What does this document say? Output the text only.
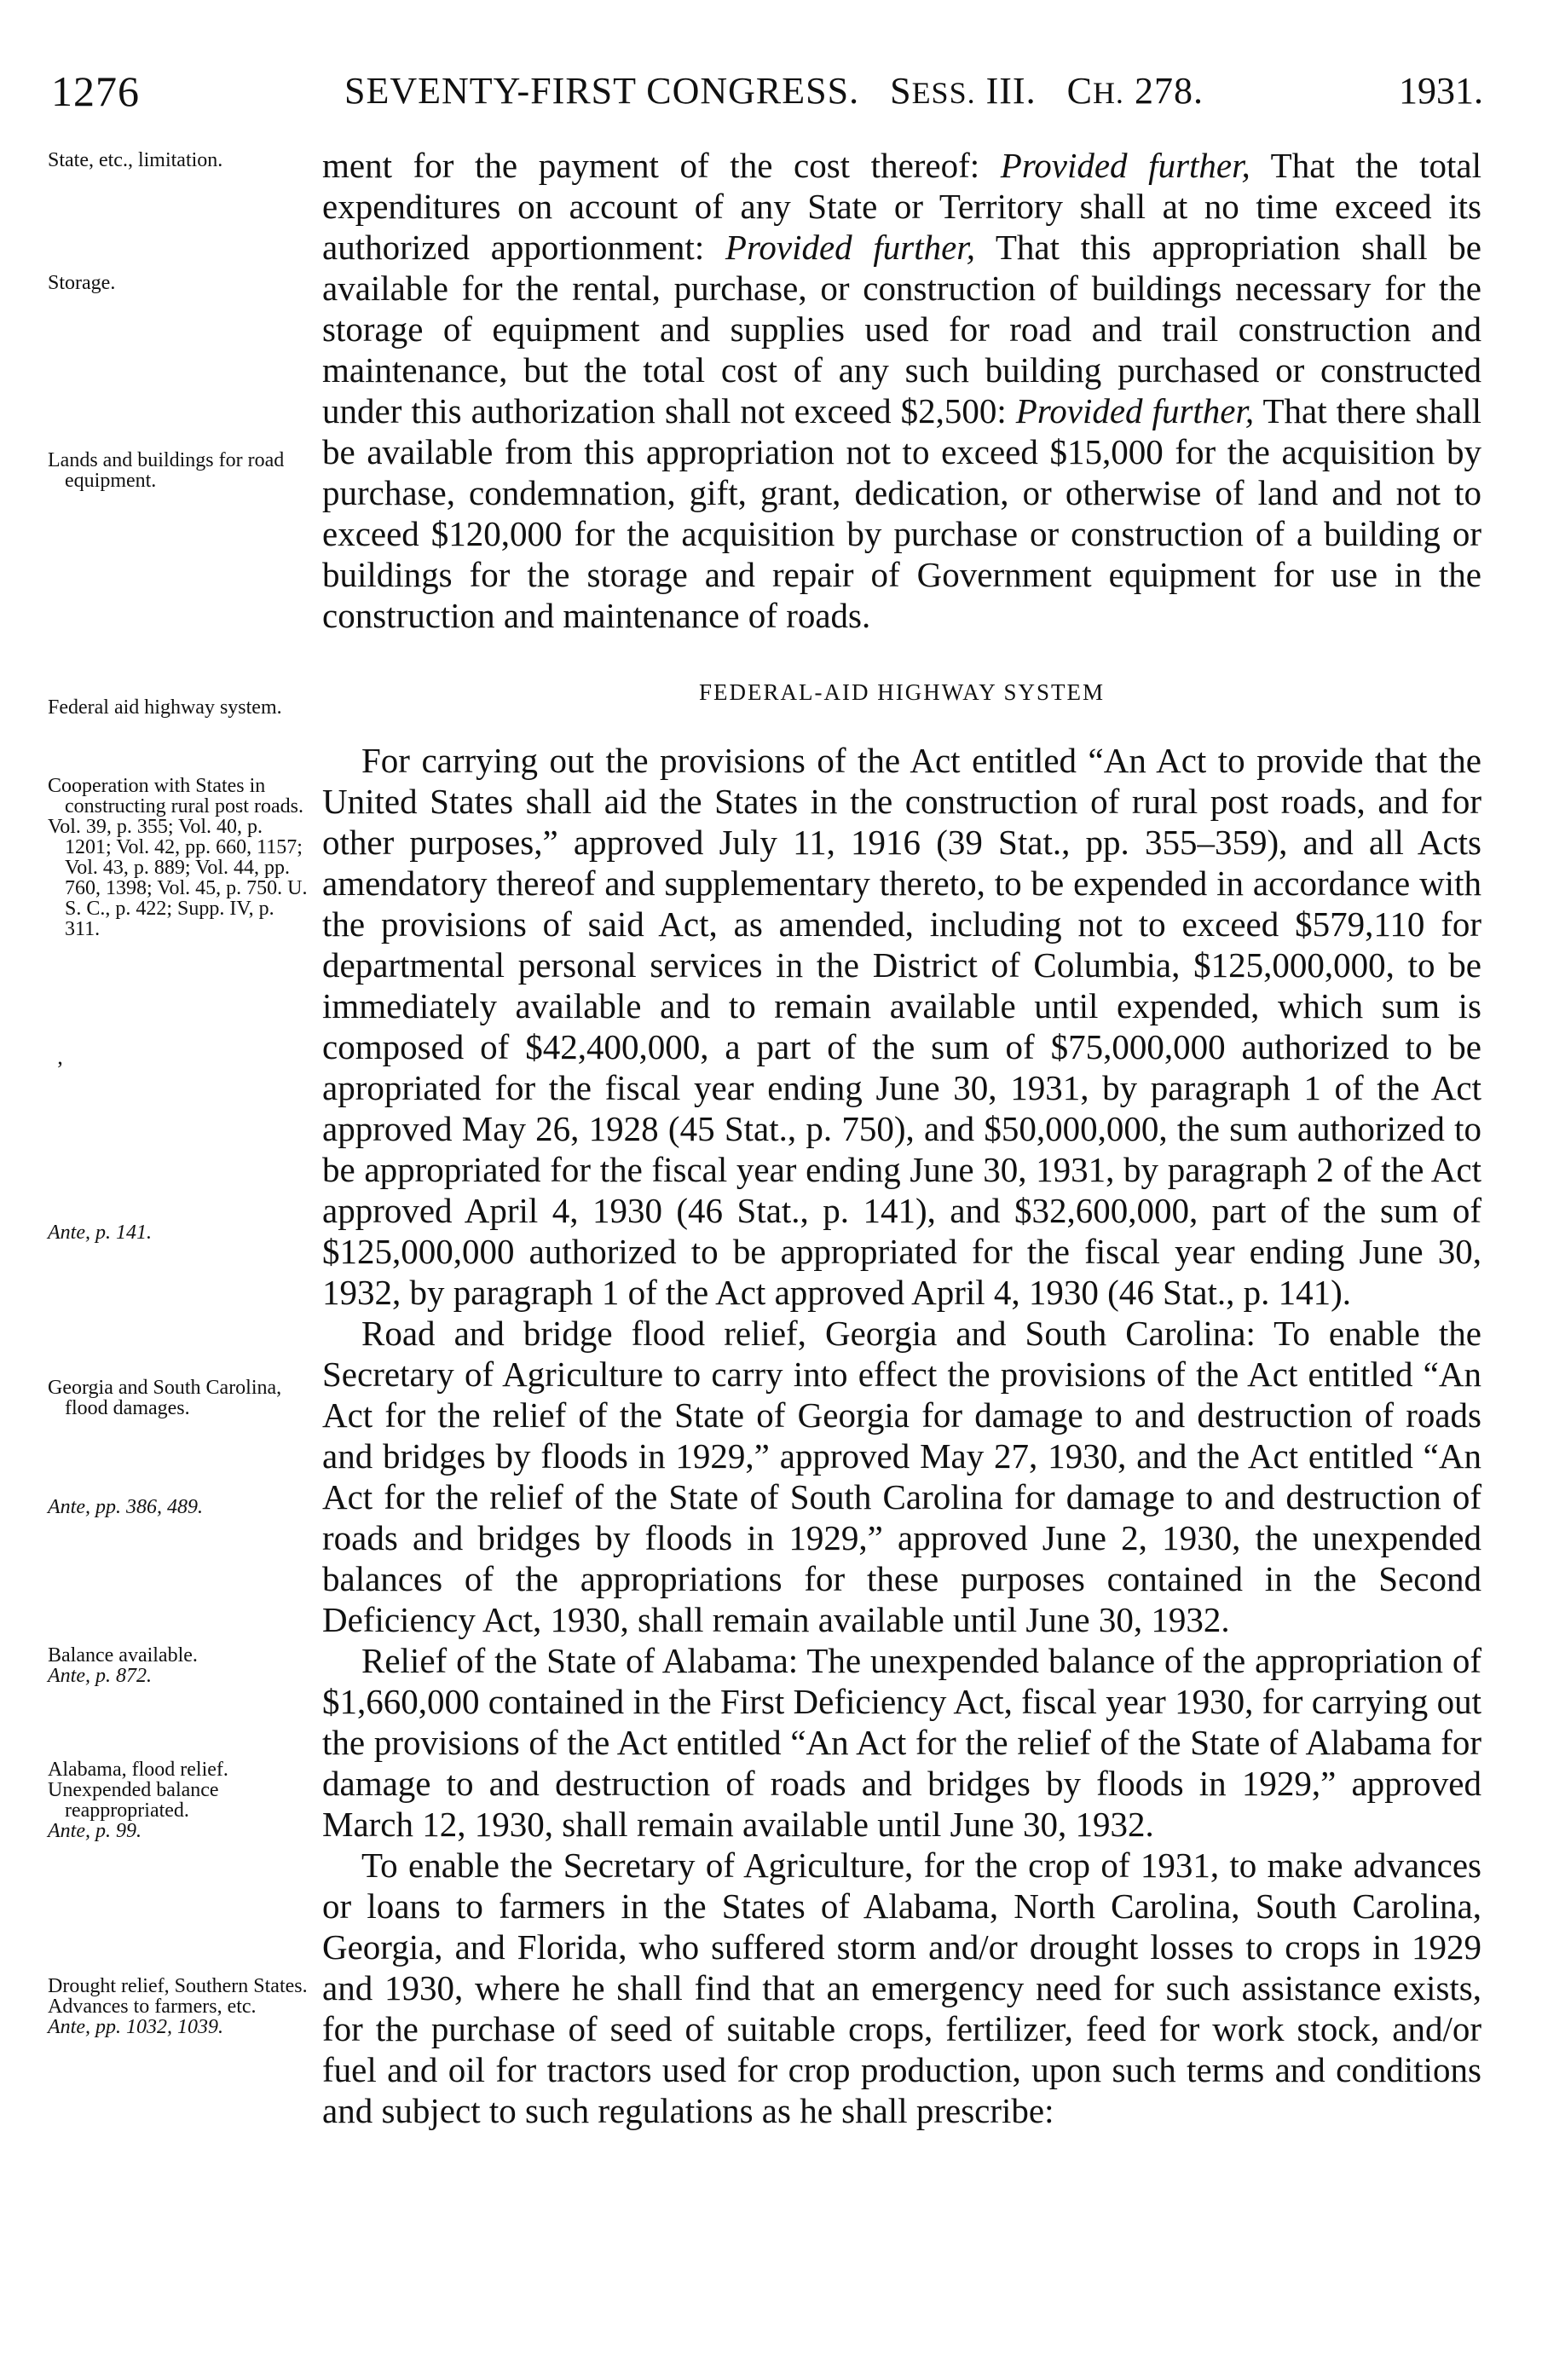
1276	SEVENTY-FIRST CONGRESS. SESS. III. CH. 278.	1931.
State, etc., limitation.
Storage.
Lands and buildings for road equipment.
Federal aid highway system.
Cooperation with States in constructing rural post roads.
Vol. 39, p. 355; Vol. 40, p. 1201; Vol. 42, pp. 660, 1157; Vol. 43, p. 889; Vol. 44, pp. 760, 1398; Vol. 45, p. 750. U. S. C., p. 422; Supp. IV, p. 311.
’
Ante, p. 141.
Georgia and South Carolina, flood damages.
Ante, pp. 386, 489.
Balance available.
Ante, p. 872.
Alabama, flood relief.
Unexpended balance reappropriated.
Ante, p. 99.
Drought relief, Southern States.
Advances to farmers, etc.
Ante, pp. 1032, 1039.

ment for the payment of the cost thereof: Provided further, That the total expenditures on account of any State or Territory shall at no time exceed its authorized apportionment: Provided further, That this appropriation shall be available for the rental, purchase, or construction of buildings necessary for the storage of equipment and supplies used for road and trail construction and maintenance, but the total cost of any such building purchased or constructed under this authorization shall not exceed $2,500: Provided further, That there shall be available from this appropriation not to exceed $15,000 for the acquisition by purchase, condemnation, gift, grant, dedication, or otherwise of land and not to exceed $120,000 for the acquisition by purchase or construction of a building or buildings for the storage and repair of Government equipment for use in the construction and maintenance of roads.

FEDERAL-AID HIGHWAY SYSTEM

For carrying out the provisions of the Act entitled “An Act to provide that the United States shall aid the States in the construction of rural post roads, and for other purposes,” approved July 11, 1916 (39 Stat., pp. 355–359), and all Acts amendatory thereof and supplementary thereto, to be expended in accordance with the provisions of said Act, as amended, including not to exceed $579,110 for departmental personal services in the District of Columbia, $125,000,000, to be immediately available and to remain available until expended, which sum is composed of $42,400,000, a part of the sum of $75,000,000 authorized to be apropriated for the fiscal year ending June 30, 1931, by paragraph 1 of the Act approved May 26, 1928 (45 Stat., p. 750), and $50,000,000, the sum authorized to be appropriated for the fiscal year ending June 30, 1931, by paragraph 2 of the Act approved April 4, 1930 (46 Stat., p. 141), and $32,600,000, part of the sum of $125,000,000 authorized to be appropriated for the fiscal year ending June 30, 1932, by paragraph 1 of the Act approved April 4, 1930 (46 Stat., p. 141).

Road and bridge flood relief, Georgia and South Carolina: To enable the Secretary of Agriculture to carry into effect the provisions of the Act entitled “An Act for the relief of the State of Georgia for damage to and destruction of roads and bridges by floods in 1929,” approved May 27, 1930, and the Act entitled “An Act for the relief of the State of South Carolina for damage to and destruction of roads and bridges by floods in 1929,” approved June 2, 1930, the unexpended balances of the appropriations for these purposes contained in the Second Deficiency Act, 1930, shall remain available until June 30, 1932.

Relief of the State of Alabama: The unexpended balance of the appropriation of $1,660,000 contained in the First Deficiency Act, fiscal year 1930, for carrying out the provisions of the Act entitled “An Act for the relief of the State of Alabama for damage to and destruction of roads and bridges by floods in 1929,” approved March 12, 1930, shall remain available until June 30, 1932.

To enable the Secretary of Agriculture, for the crop of 1931, to make advances or loans to farmers in the States of Alabama, North Carolina, South Carolina, Georgia, and Florida, who suffered storm and/or drought losses to crops in 1929 and 1930, where he shall find that an emergency need for such assistance exists, for the purchase of seed of suitable crops, fertilizer, feed for work stock, and/or fuel and oil for tractors used for crop production, upon such terms and conditions and subject to such regulations as he shall prescribe:
